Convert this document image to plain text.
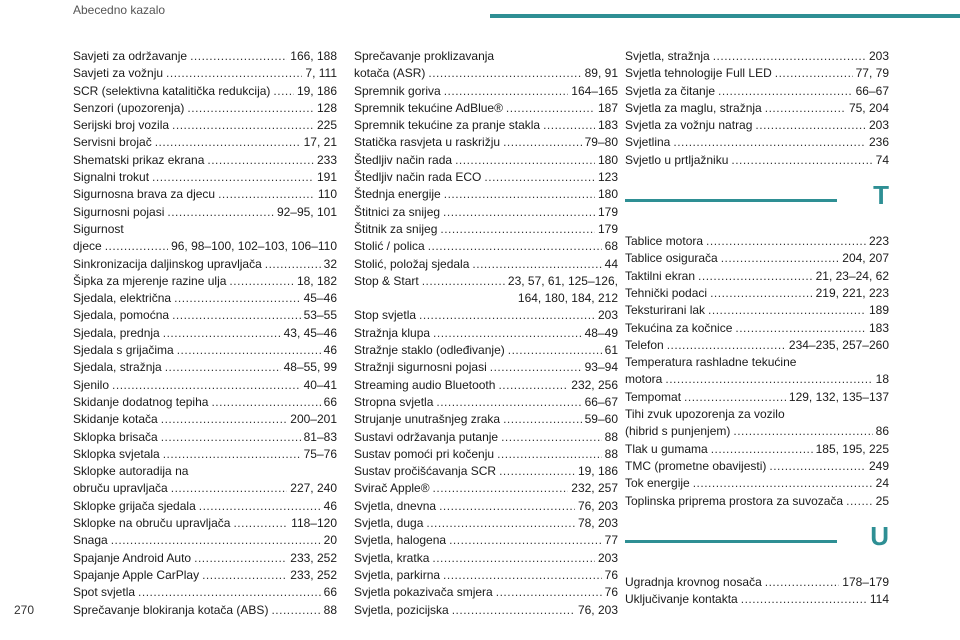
Abecedno kazalo
Savjeti za održavanje .....	166, 188
Savjeti za vožnju .....	7, 111
SCR (selektivna katalitička redukcija) ..... 19, 186
Senzori (upozorenja) .....	128
Serijski broj vozila .....	225
Servisni brojač .....	17, 21
Shematski prikaz ekrana .....	233
Signalni trokut .....	191
Sigurnosna brava za djecu .....	110
Sigurnosni pojasi .....	92–95, 101
Sigurnost
djece .....	96, 98–100, 102–103, 106–110
Sinkronizacija daljinskog upravljača .....	32
Šipka za mjerenje razine ulja .....	18, 182
Sjedala, električna .....	45–46
Sjedala, pomoćna .....	53–55
Sjedala, prednja .....	43, 45–46
Sjedala s grijačima .....	46
Sjedala, stražnja .....	48–55, 99
Sjenilo .....	40–41
Skidanje dodatnog tepiha .....	66
Skidanje kotača .....	200–201
Sklopka brisača .....	81–83
Sklopka svjetala .....	75–76
Sklopke autoradija na
obruču upravljača .....	227, 240
Sklopke grijača sjedala .....	46
Sklopke na obruču upravljača .....	118–120
Snaga .....	20
Spajanje Android Auto .....	233, 252
Spajanje Apple CarPlay .....	233, 252
Spot svjetla .....	66
Sprečavanje blokiranja kotača (ABS) .....	88
Sprečavanje proklizavanja
kotača (ASR) .....	89, 91
Spremnik goriva .....	164–165
Spremnik tekućine AdBlue® .....	187
Spremnik tekućine za pranje stakla .....	183
Statička rasvjeta u raskrižju .....	79–80
Štedljiv način rada .....	180
Štedljiv način rada ECO .....	123
Štednja energije .....	180
Štitnici za snijeg .....	179
Štitnik za snijeg .....	179
Stolić / polica .....	68
Stolić, položaj sjedala .....	44
Stop & Start .....	23, 57, 61, 125–126,
164, 180, 184, 212
Stop svjetla .....	203
Stražnja klupa .....	48–49
Stražnje staklo (odleđivanje) .....	61
Stražnji sigurnosni pojasi .....	93–94
Streaming audio Bluetooth .....	232, 256
Stropna svjetla .....	66–67
Strujanje unutrašnjeg zraka .....	59–60
Sustavi održavanja putanje .....	88
Sustav pomoći pri kočenju .....	88
Sustav pročišćavanja SCR .....	19, 186
Svirač Apple® .....	232, 257
Svjetla, dnevna .....	76, 203
Svjetla, duga .....	78, 203
Svjetla, halogena .....	77
Svjetla, kratka .....	203
Svjetla, parkirna .....	76
Svjetla pokazivača smjera .....	76
Svjetla, pozicijska .....	76, 203
Svjetla, stražnja .....	203
Svjetla tehnologije Full LED .....	77, 79
Svjetla za čitanje .....	66–67
Svjetla za maglu, stražnja .....	75, 204
Svjetla za vožnju natrag .....	203
Svjetlina .....	236
Svjetlo u prtljažniku .....	74
T
Tablice motora .....	223
Tablice osigurača .....	204, 207
Taktilni ekran .....	21, 23–24, 62
Tehnički podaci .....	219, 221, 223
Teksturirani lak .....	189
Tekućina za kočnice .....	183
Telefon .....	234–235, 257–260
Temperatura rashladne tekućine
motora .....	18
Tempomat .....	129, 132, 135–137
Tihi zvuk upozorenja za vozilo
(hibrid s punjenjem) .....	86
Tlak u gumama .....	185, 195, 225
TMC (prometne obavijesti) .....	249
Tok energije .....	24
Toplinska priprema prostora za suvozača .....	25
U
Ugradnja krovnog nosača .....	178–179
Uključivanje kontakta .....	114
270
